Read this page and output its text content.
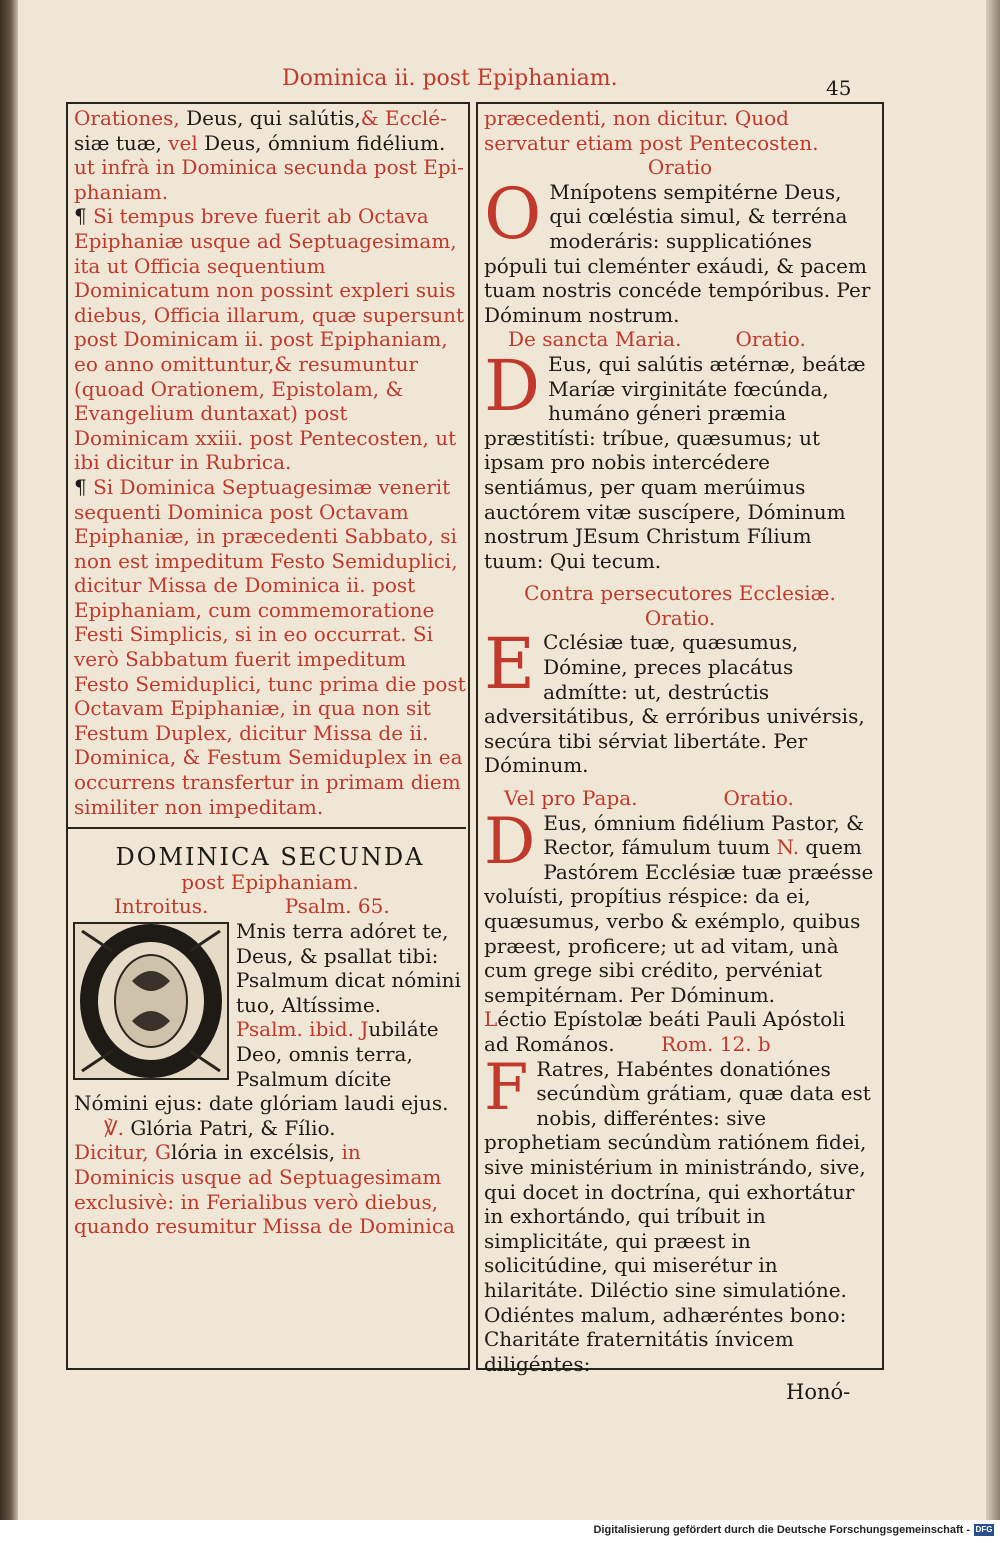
Dominica ii. post Epiphaniam.	45

Orationes, Deus, qui salútis,& Ecclé-siæ tuæ, vel Deus, ómnium fidélium. ut infrà in Dominica secunda post Epi-phaniam.

¶ Si tempus breve fuerit ab Octava Epiphaniæ usque ad Septuagesimam, ita ut Officia sequentium Dominicatum non possint expleri suis diebus, Officia illarum, quæ supersunt post Dominicam ii. post Epiphaniam, eo anno omittuntur,& resumuntur (quoad Orationem, Epistolam, & Evangelium duntaxat) post Dominicam xxiii. post Pentecosten, ut ibi dicitur in Rubrica.

¶ Si Dominica Septuagesimæ venerit sequenti Dominica post Octavam Epiphaniæ, in præcedenti Sabbato, si non est impeditum Festo Semiduplici, dicitur Missa de Dominica ii. post Epiphaniam, cum commemoratione Festi Simplicis, si in eo occurrat. Si verò Sabbatum fuerit impeditum Festo Semiduplici, tunc prima die post Octavam Epiphaniæ, in qua non sit Festum Duplex, dicitur Missa de ii. Dominica, & Festum Semiduplex in ea occurrens transfertur in primam diem similiter non impeditam.

DOMINICA SECUNDA
post Epiphaniam.

Introitus.	Psalm. 65.

Mnis terra adóret te, Deus, & psallat tibi: Psalmum dicat nómini tuo, Altíssime.

Psalm. ibid. Jubiláte Deo, omnis terra, Psalmum dícite Nómini ejus: date glóriam laudi ejus.

℣. Glória Patri, & Fílio.

Dicitur, Glória in excélsis, in Dominicis usque ad Septuagesimam exclusivè: in Ferialibus verò diebus, quando resumitur Missa de Dominica

præcedenti, non dicitur. Quod servatur etiam post Pentecosten.

Oratio

O Mnípotens sempitérne Deus, qui cœléstia simul, & terréna moderáris: supplicatiónes pópuli tui cleménter exáudi, & pacem tuam nostris concéde tempóribus. Per Dóminum nostrum.

De sancta Maria.	Oratio.

D Eus, qui salútis ætérnæ, beátæ Maríæ virginitáte fœcúnda, humáno géneri præmia præstitísti: tríbue, quæsumus; ut ipsam pro nobis intercédere sentiámus, per quam merúimus auctórem vitæ suscípere, Dóminum nostrum JEsum Christum Fílium tuum: Qui tecum.

Contra persecutores Ecclesiæ.
Oratio.

E Cclésiæ tuæ, quæsumus, Dómine, preces placátus admítte: ut, destrúctis adversitátibus, & erróribus univérsis, secúra tibi sérviat libertáte. Per Dóminum.

Vel pro Papa.	Oratio.

D Eus, ómnium fidélium Pastor, & Rector, fámulum tuum N. quem Pastórem Ecclésiæ tuæ præésse voluísti, propítius réspice: da ei, quæsumus, verbo & exémplo, quibus præest, proficere; ut ad vitam, unà cum grege sibi crédito, pervéniat sempitérnam. Per Dóminum.

Léctio Epístolæ beáti Pauli Apóstoli ad Romános. Rom. 12. b

F Ratres, Habéntes donatiónes secúndùm grátiam, quæ data est nobis, differéntes: sive prophetiam secúndùm ratiónem fidei, sive ministérium in ministrándo, sive, qui docet in doctrína, qui exhortátur in exhortándo, qui tríbuit in simplicitáte, qui præest in solicitúdine, qui miserétur in hilaritáte. Diléctio sine simulatióne. Odiéntes malum, adhæréntes bono: Charitáte fraternitátis ínvicem diligéntes:

Honó-
Digitalisierung gefördert durch die Deutsche Forschungsgemeinschaft - DFG
